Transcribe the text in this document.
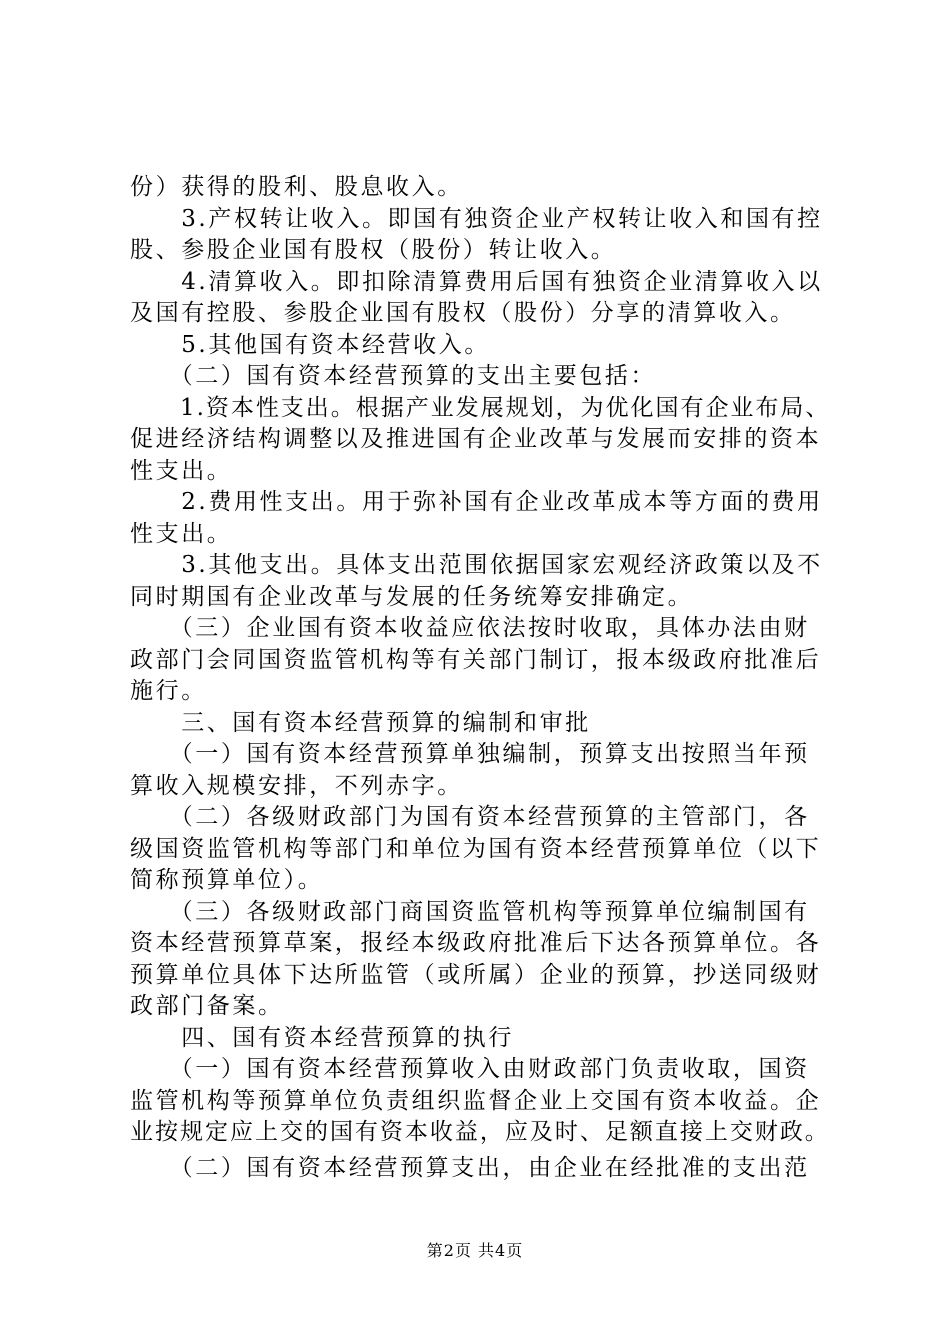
份）获得的股利、股息收入。
　　3.产权转让收入。即国有独资企业产权转让收入和国有控
股、参股企业国有股权（股份）转让收入。
　　4.清算收入。即扣除清算费用后国有独资企业清算收入以
及国有控股、参股企业国有股权（股份）分享的清算收入。
　　5.其他国有资本经营收入。
　　（二）国有资本经营预算的支出主要包括：
　　1.资本性支出。根据产业发展规划，为优化国有企业布局、
促进经济结构调整以及推进国有企业改革与发展而安排的资本
性支出。
　　2.费用性支出。用于弥补国有企业改革成本等方面的费用
性支出。
　　3.其他支出。具体支出范围依据国家宏观经济政策以及不
同时期国有企业改革与发展的任务统筹安排确定。
　　（三）企业国有资本收益应依法按时收取，具体办法由财
政部门会同国资监管机构等有关部门制订，报本级政府批准后
施行。
　　三、国有资本经营预算的编制和审批
　　（一）国有资本经营预算单独编制，预算支出按照当年预
算收入规模安排，不列赤字。
　　（二）各级财政部门为国有资本经营预算的主管部门，各
级国资监管机构等部门和单位为国有资本经营预算单位（以下
简称预算单位）。
　　（三）各级财政部门商国资监管机构等预算单位编制国有
资本经营预算草案，报经本级政府批准后下达各预算单位。各
预算单位具体下达所监管（或所属）企业的预算，抄送同级财
政部门备案。
　　四、国有资本经营预算的执行
　　（一）国有资本经营预算收入由财政部门负责收取，国资
监管机构等预算单位负责组织监督企业上交国有资本收益。企
业按规定应上交的国有资本收益，应及时、足额直接上交财政。
　　（二）国有资本经营预算支出，由企业在经批准的支出范
第2页 共4页
